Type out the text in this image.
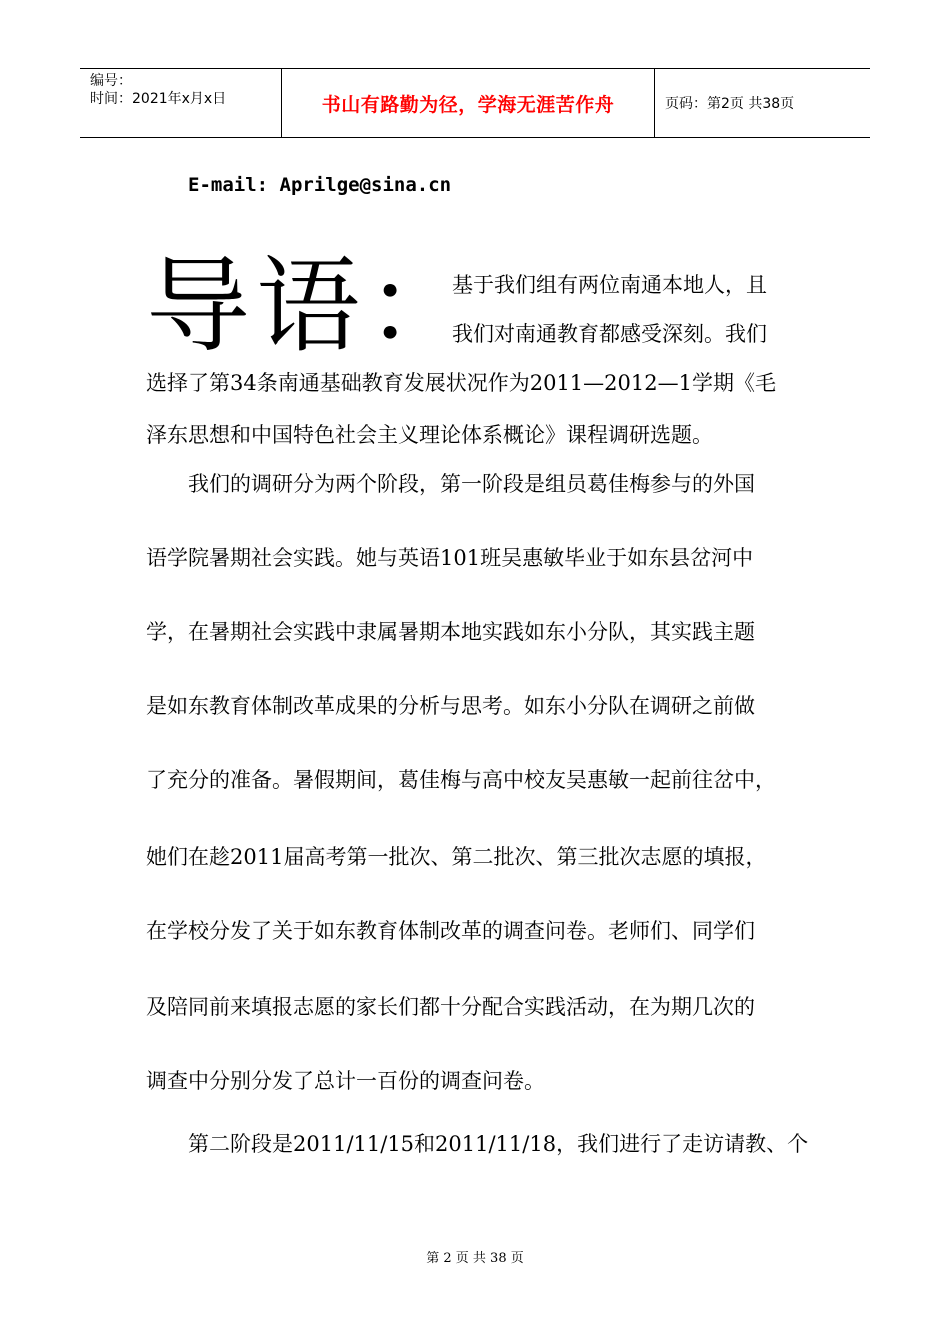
编号：
时间：2021年x月x日	书山有路勤为径，学海无涯苦作舟	页码：第2页 共38页
E-mail: Aprilge@sina.cn
导语：
基于我们组有两位南通本地人，且
我们对南通教育都感受深刻。我们
选择了第34条南通基础教育发展状况作为2011—2012—1学期《毛
泽东思想和中国特色社会主义理论体系概论》课程调研选题。
我们的调研分为两个阶段，第一阶段是组员葛佳梅参与的外国
语学院暑期社会实践。她与英语101班吴惠敏毕业于如东县岔河中
学，在暑期社会实践中隶属暑期本地实践如东小分队，其实践主题
是如东教育体制改革成果的分析与思考。如东小分队在调研之前做
了充分的准备。暑假期间，葛佳梅与高中校友吴惠敏一起前往岔中，
她们在趁2011届高考第一批次、第二批次、第三批次志愿的填报，
在学校分发了关于如东教育体制改革的调查问卷。老师们、同学们
及陪同前来填报志愿的家长们都十分配合实践活动，在为期几次的
调查中分别分发了总计一百份的调查问卷。
第二阶段是2011/11/15和2011/11/18，我们进行了走访请教、个
第 2 页 共 38 页
